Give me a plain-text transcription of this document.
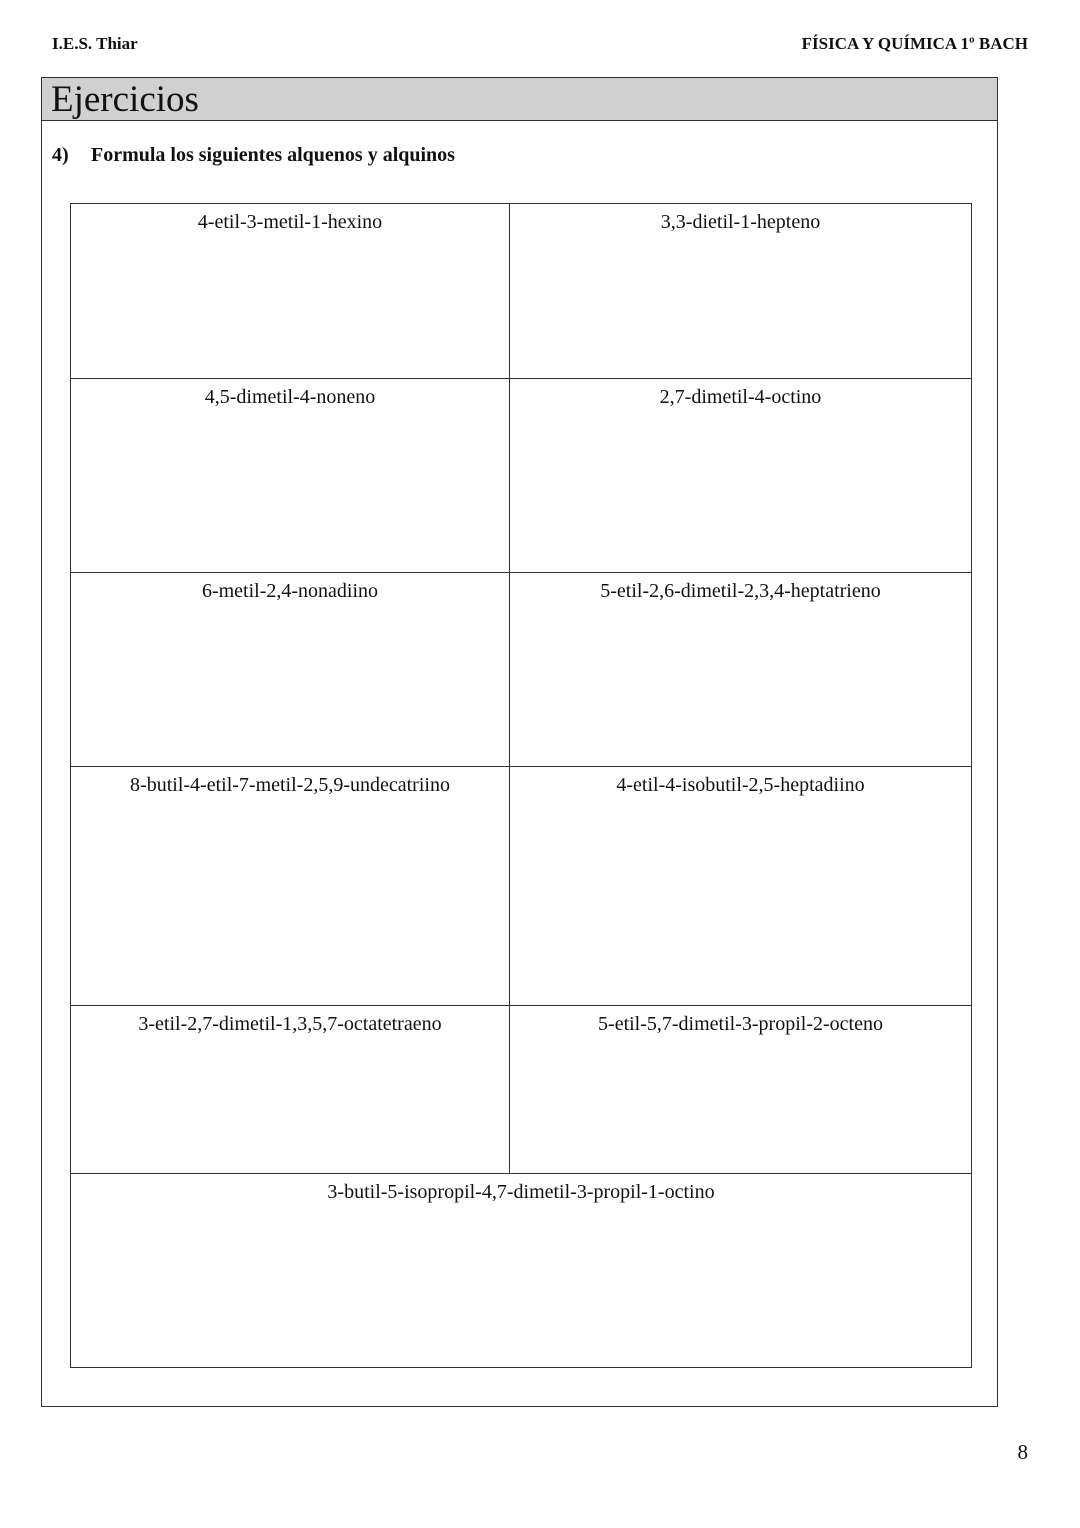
I.E.S. Thiar	FÍSICA Y QUÍMICA 1º BACH
Ejercicios
4) Formula los siguientes alquenos y alquinos
4-etil-3-metil-1-hexino	3,3-dietil-1-hepteno
4,5-dimetil-4-noneno	2,7-dimetil-4-octino
6-metil-2,4-nonadiino	5-etil-2,6-dimetil-2,3,4-heptatrieno
8-butil-4-etil-7-metil-2,5,9-undecatriino	4-etil-4-isobutil-2,5-heptadiino
3-etil-2,7-dimetil-1,3,5,7-octatetraeno	5-etil-5,7-dimetil-3-propil-2-octeno
3-butil-5-isopropil-4,7-dimetil-3-propil-1-octino
8
